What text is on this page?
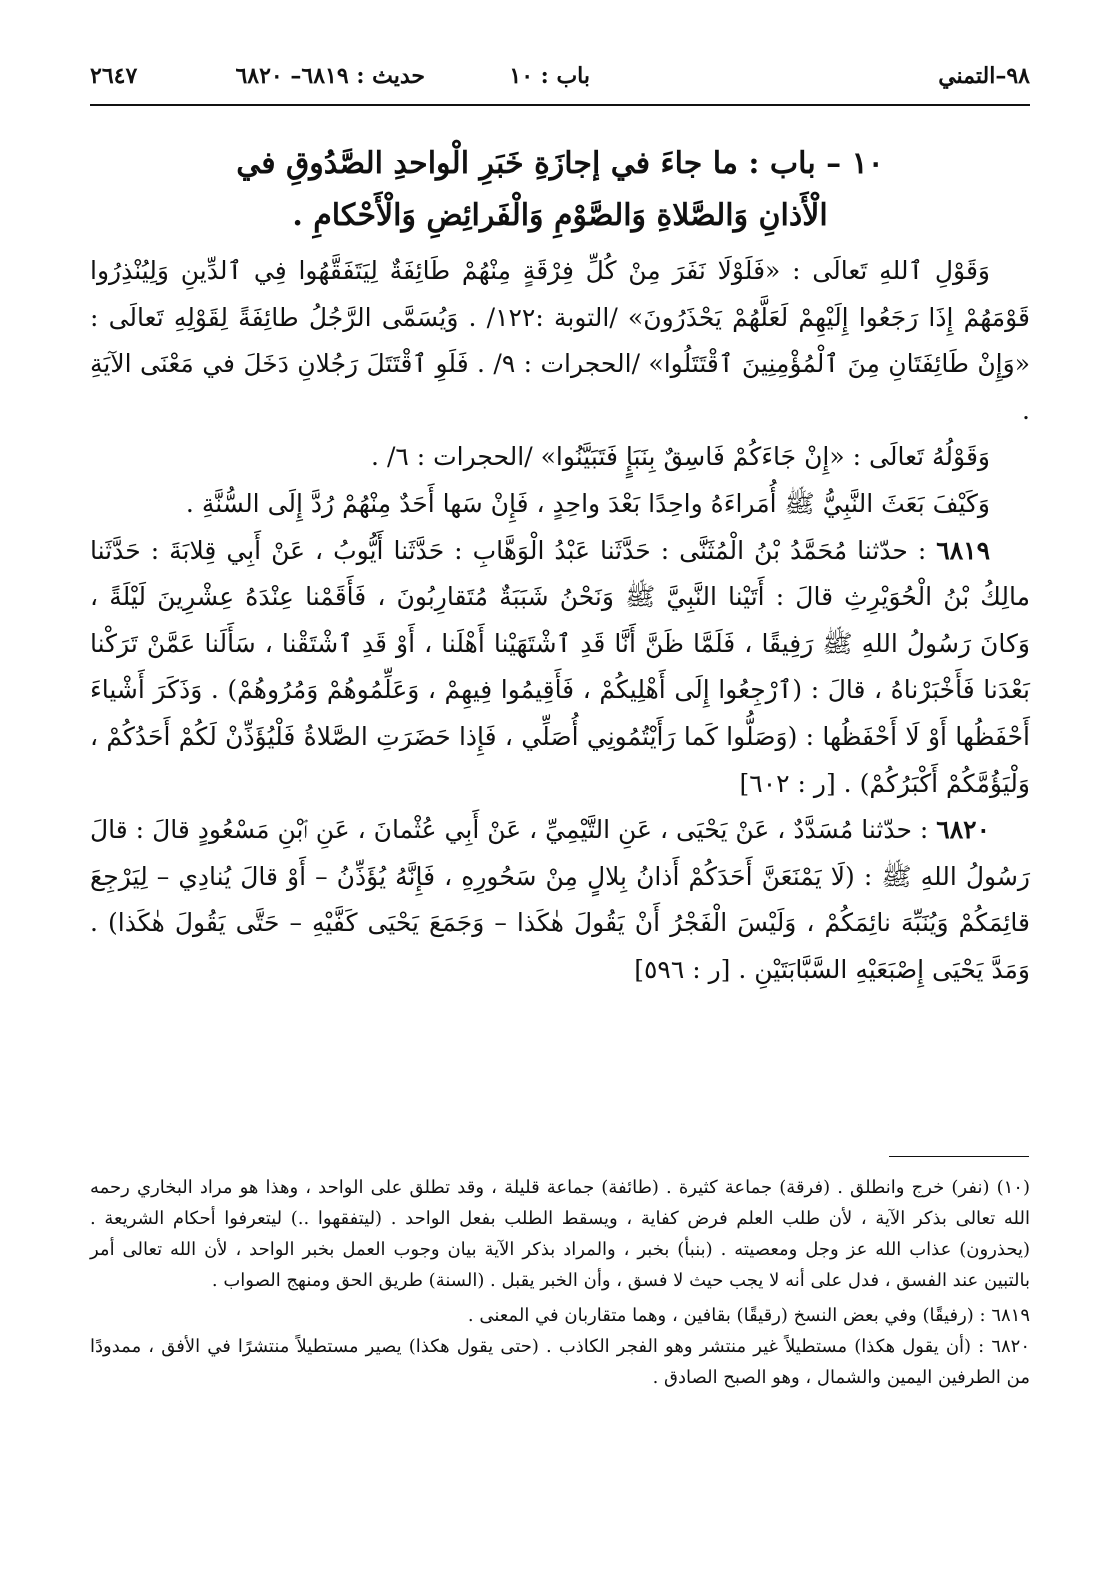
٩٨–التمني
باب : ١٠
حديث : ٦٨١٩– ٦٨٢٠
٢٦٤٧
١٠ – باب : ما جاءَ في إجازَةِ خَبَرِ الْواحدِ الصَّدُوقِ في
الْأَذانِ وَالصَّلاةِ وَالصَّوْمِ وَالْفَرائِضِ وَالْأَحْكامِ .

وَقَوْلِ ٱللهِ تَعالَى : «فَلَوْلَا نَفَرَ مِنْ كُلِّ فِرْقَةٍ مِنْهُمْ طَائِفَةٌ لِيَتَفَقَّهُوا فِي ٱلدِّينِ وَلِيُنْذِرُوا قَوْمَهُمْ إِذَا رَجَعُوا إِلَيْهِمْ لَعَلَّهُمْ يَحْذَرُونَ» /التوبة :١٢٢/ . وَيُسَمَّى الرَّجُلُ طائِفَةً لِقَوْلِهِ تَعالَى : «وَإِنْ طَائِفَتَانِ مِنَ ٱلْمُؤْمِنِينَ ٱقْتَتَلُوا» /الحجرات : ٩/ . فَلَوِ ٱقْتَتَلَ رَجُلانِ دَخَلَ في مَعْنَى الآيَةِ .

وَقَوْلُهُ تَعالَى : «إِنْ جَاءَكُمْ فَاسِقٌ بِنَبَإٍ فَتَبَيَّنُوا» /الحجرات : ٦/ .

وَكَيْفَ بَعَثَ النَّبِيُّ ﷺ أُمَراءَهُ واحِدًا بَعْدَ واحِدٍ ، فَإِنْ سَها أَحَدٌ مِنْهُمْ رُدَّ إِلَى السُّنَّةِ .

٦٨١٩ : حدّثنا مُحَمَّدُ بْنُ الْمُثَنَّى : حَدَّثَنا عَبْدُ الْوَهَّابِ : حَدَّثَنا أَيُّوبُ ، عَنْ أَبِي قِلابَةَ : حَدَّثَنا مالِكُ بْنُ الْحُوَيْرِثِ قالَ : أَتَيْنا النَّبِيَّ ﷺ وَنَحْنُ شَبَبَةٌ مُتَقارِبُونَ ، فَأَقَمْنا عِنْدَهُ عِشْرِينَ لَيْلَةً ، وَكانَ رَسُولُ اللهِ ﷺ رَفِيقًا ، فَلَمَّا ظَنَّ أَنَّا قَدِ ٱشْتَهَيْنا أَهْلَنا ، أَوْ قَدِ ٱشْتَقْنا ، سَأَلَنا عَمَّنْ تَرَكْنا بَعْدَنا فَأَخْبَرْناهُ ، قالَ : (ٱرْجِعُوا إِلَى أَهْلِيكُمْ ، فَأَقِيمُوا فِيهِمْ ، وَعَلِّمُوهُمْ وَمُرُوهُمْ) . وَذَكَرَ أَشْياءَ أَحْفَظُها أَوْ لَا أَحْفَظُها : (وَصَلُّوا كَما رَأَيْتُمُونِي أُصَلِّي ، فَإِذا حَضَرَتِ الصَّلاةُ فَلْيُؤَذِّنْ لَكُمْ أَحَدُكُمْ ، وَلْيَؤُمَّكُمْ أَكْبَرُكُمْ) . [ر : ٦٠٢]

٦٨٢٠ : حدّثنا مُسَدَّدٌ ، عَنْ يَحْيَى ، عَنِ التَّيْمِيِّ ، عَنْ أَبِي عُثْمانَ ، عَنِ ٱبْنِ مَسْعُودٍ قالَ : قالَ رَسُولُ اللهِ ﷺ : (لَا يَمْنَعَنَّ أَحَدَكُمْ أَذانُ بِلالٍ مِنْ سَحُورِهِ ، فَإِنَّهُ يُؤَذِّنُ – أَوْ قالَ يُنادِي – لِيَرْجِعَ قائِمَكُمْ وَيُنَبِّهَ نائِمَكُمْ ، وَلَيْسَ الْفَجْرُ أَنْ يَقُولَ هٰكَذا – وَجَمَعَ يَحْيَى كَفَّيْهِ – حَتَّى يَقُولَ هٰكَذا) . وَمَدَّ يَحْيَى إِصْبَعَيْهِ السَّبَّابَتَيْنِ . [ر : ٥٩٦]

(١٠) (نفر) خرج وانطلق . (فرقة) جماعة كثيرة . (طائفة) جماعة قليلة ، وقد تطلق على الواحد ، وهذا هو مراد البخاري رحمه الله تعالى بذكر الآية ، لأن طلب العلم فرض كفاية ، ويسقط الطلب بفعل الواحد . (ليتفقهوا ..) ليتعرفوا أحكام الشريعة . (يحذرون) عذاب الله عز وجل ومعصيته . (بنبأ) بخبر ، والمراد بذكر الآية بيان وجوب العمل بخبر الواحد ، لأن الله تعالى أمر بالتبين عند الفسق ، فدل على أنه لا يجب حيث لا فسق ، وأن الخبر يقبل . (السنة) طريق الحق ومنهج الصواب .

٦٨١٩ : (رفيقًا) وفي بعض النسخ (رقيقًا) بقافين ، وهما متقاربان في المعنى .

٦٨٢٠ : (أن يقول هكذا) مستطيلاً غير منتشر وهو الفجر الكاذب . (حتى يقول هكذا) يصير مستطيلاً منتشرًا في الأفق ، ممدودًا من الطرفين اليمين والشمال ، وهو الصبح الصادق .
